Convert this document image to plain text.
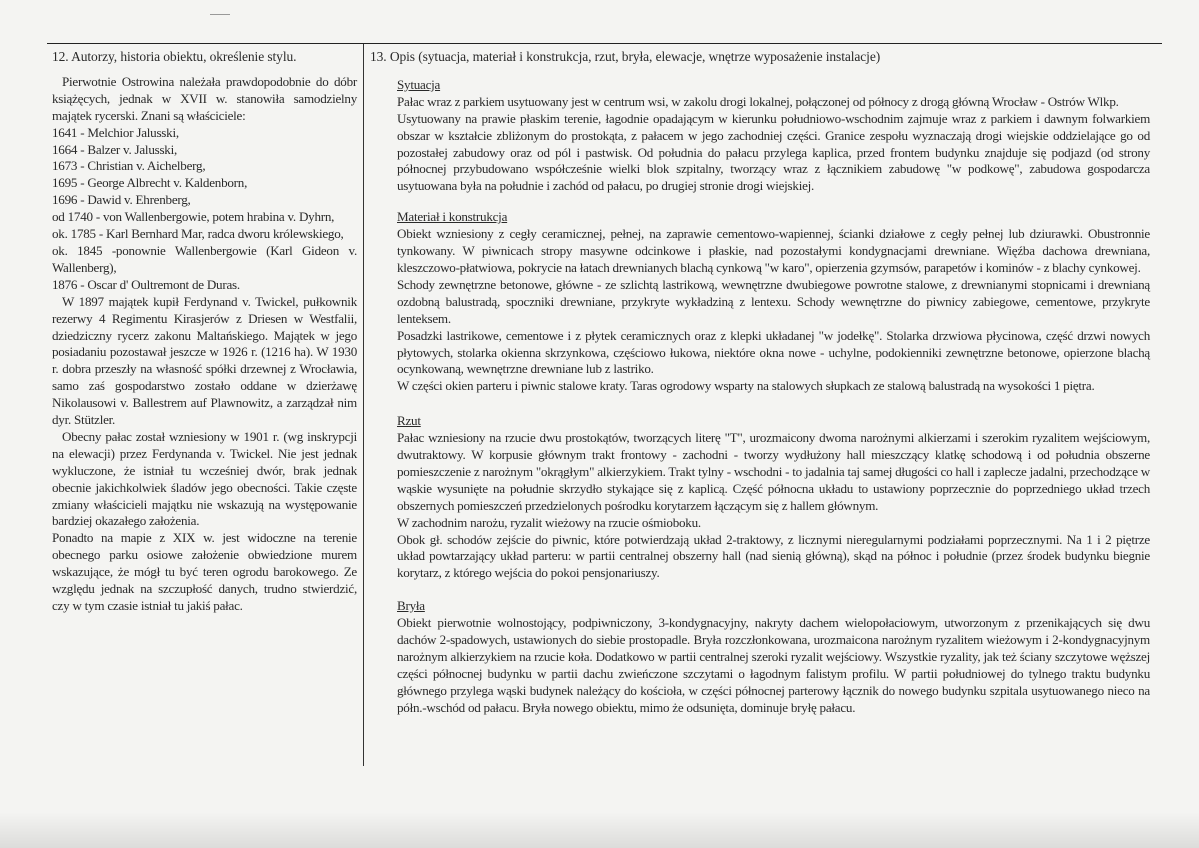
12. Autorzy, historia obiektu, określenie stylu.
Pierwotnie Ostrowina należała prawdopodobnie do dóbr książęcych, jednak w XVII w. stanowiła samodzielny majątek rycerski. Znani są właściciele:
1641 - Melchior Jalusski,
1664 - Balzer v. Jalusski,
1673 - Christian v. Aichelberg,
1695 - George Albrecht v. Kaldenborn,
1696 - Dawid v. Ehrenberg,
od 1740 - von Wallenbergowie, potem hrabina v. Dyhrn,
ok. 1785 - Karl Bernhard Mar, radca dworu królewskiego,
ok. 1845 -ponownie Wallenbergowie (Karl Gideon v. Wallenberg),
1876 - Oscar d' Oultremont de Duras.
W 1897 majątek kupił Ferdynand v. Twickel, pułkownik rezerwy 4 Regimentu Kirasjerów z Driesen w Westfalii, dziedziczny rycerz zakonu Maltańskiego. Majątek w jego posiadaniu pozostawał jeszcze w 1926 r. (1216 ha). W 1930 r. dobra przeszły na własność spółki drzewnej z Wrocławia, samo zaś gospodarstwo zostało oddane w dzierżawę Nikolausowi v. Ballestrem auf Plawnowitz, a zarządzał nim dyr. Stützler.
Obecny pałac został wzniesiony w 1901 r. (wg inskrypcji na elewacji) przez Ferdynanda v. Twickel. Nie jest jednak wykluczone, że istniał tu wcześniej dwór, brak jednak obecnie jakichkolwiek śladów jego obecności. Takie częste zmiany właścicieli majątku nie wskazują na występowanie bardziej okazałego założenia.
Ponadto na mapie z XIX w. jest widoczne na terenie obecnego parku osiowe założenie obwiedzione murem wskazujące, że mógł tu być teren ogrodu barokowego. Ze względu jednak na szczupłość danych, trudno stwierdzić, czy w tym czasie istniał tu jakiś pałac.
13. Opis (sytuacja, materiał i konstrukcja, rzut, bryła, elewacje, wnętrze wyposażenie instalacje)
Sytuacja

Pałac wraz z parkiem usytuowany jest w centrum wsi, w zakolu drogi lokalnej, połączonej od północy z drogą główną Wrocław - Ostrów Wlkp.

Usytuowany na prawie płaskim terenie, łagodnie opadającym w kierunku południowo-wschodnim zajmuje wraz z parkiem i dawnym folwarkiem obszar w kształcie zbliżonym do prostokąta, z pałacem w jego zachodniej części. Granice zespołu wyznaczają drogi wiejskie oddzielające go od pozostałej zabudowy oraz od pól i pastwisk. Od południa do pałacu przylega kaplica, przed frontem budynku znajduje się podjazd (od strony północnej przybudowano współcześnie wielki blok szpitalny, tworzący wraz z łącznikiem zabudowę "w podkowę", zabudowa gospodarcza usytuowana była na południe i zachód od pałacu, po drugiej stronie drogi wiejskiej.

Materiał i konstrukcja

Obiekt wzniesiony z cegły ceramicznej, pełnej, na zaprawie cementowo-wapiennej, ścianki działowe z cegły pełnej lub dziurawki. Obustronnie tynkowany. W piwnicach stropy masywne odcinkowe i płaskie, nad pozostałymi kondygnacjami drewniane. Więźba dachowa drewniana, kleszczowo-płatwiowa, pokrycie na łatach drewnianych blachą cynkową "w karo", opierzenia gzymsów, parapetów i kominów - z blachy cynkowej.

Schody zewnętrzne betonowe, główne - ze szlichtą lastrikową, wewnętrzne dwubiegowe powrotne stalowe, z drewnianymi stopnicami i drewnianą ozdobną balustradą, spoczniki drewniane, przykryte wykładziną z lentexu. Schody wewnętrzne do piwnicy zabiegowe, cementowe, przykryte lenteksem.

Posadzki lastrikowe, cementowe i z płytek ceramicznych oraz z klepki układanej "w jodełkę". Stolarka drzwiowa płycinowa, część drzwi nowych płytowych, stolarka okienna skrzynkowa, częściowo łukowa, niektóre okna nowe - uchylne, podokienniki zewnętrzne betonowe, opierzone blachą ocynkowaną, wewnętrzne drewniane lub z lastriko.

W części okien parteru i piwnic stalowe kraty. Taras ogrodowy wsparty na stalowych słupkach ze stalową balustradą na wysokości 1 piętra.

Rzut

Pałac wzniesiony na rzucie dwu prostokątów, tworzących literę "T", urozmaicony dwoma narożnymi alkierzami i szerokim ryzalitem wejściowym, dwutraktowy. W korpusie głównym trakt frontowy - zachodni - tworzy wydłużony hall mieszczący klatkę schodową i od południa obszerne pomieszczenie z narożnym "okrągłym" alkierzykiem. Trakt tylny - wschodni - to jadalnia taj samej długości co hall i zaplecze jadalni, przechodzące w wąskie wysunięte na południe skrzydło stykające się z kaplicą. Część północna układu to ustawiony poprzecznie do poprzedniego układ trzech obszernych pomieszczeń przedzielonych pośrodku korytarzem łączącym się z hallem głównym.

W zachodnim narożu, ryzalit wieżowy na rzucie ośmioboku.

Obok gł. schodów zejście do piwnic, które potwierdzają układ 2-traktowy, z licznymi nieregularnymi podziałami poprzecznymi. Na 1 i 2 piętrze układ powtarzający układ parteru: w partii centralnej obszerny hall (nad sienią główną), skąd na północ i południe (przez środek budynku biegnie korytarz, z którego wejścia do pokoi pensjonariuszy.

Bryła

Obiekt pierwotnie wolnostojący, podpiwniczony, 3-kondygnacyjny, nakryty dachem wielopołaciowym, utworzonym z przenikających się dwu dachów 2-spadowych, ustawionych do siebie prostopadle. Bryła rozczłonkowana, urozmaicona narożnym ryzalitem wieżowym i 2-kondygnacyjnym narożnym alkierzykiem na rzucie koła. Dodatkowo w partii centralnej szeroki ryzalit wejściowy. Wszystkie ryzality, jak też ściany szczytowe węższej części północnej budynku w partii dachu zwieńczone szczytami o łagodnym falistym profilu. W partii południowej do tylnego traktu budynku głównego przylega wąski budynek należący do kościoła, w części północnej parterowy łącznik do nowego budynku szpitala usytuowanego nieco na półn.-wschód od pałacu. Bryła nowego obiektu, mimo że odsunięta, dominuje bryłę pałacu.
